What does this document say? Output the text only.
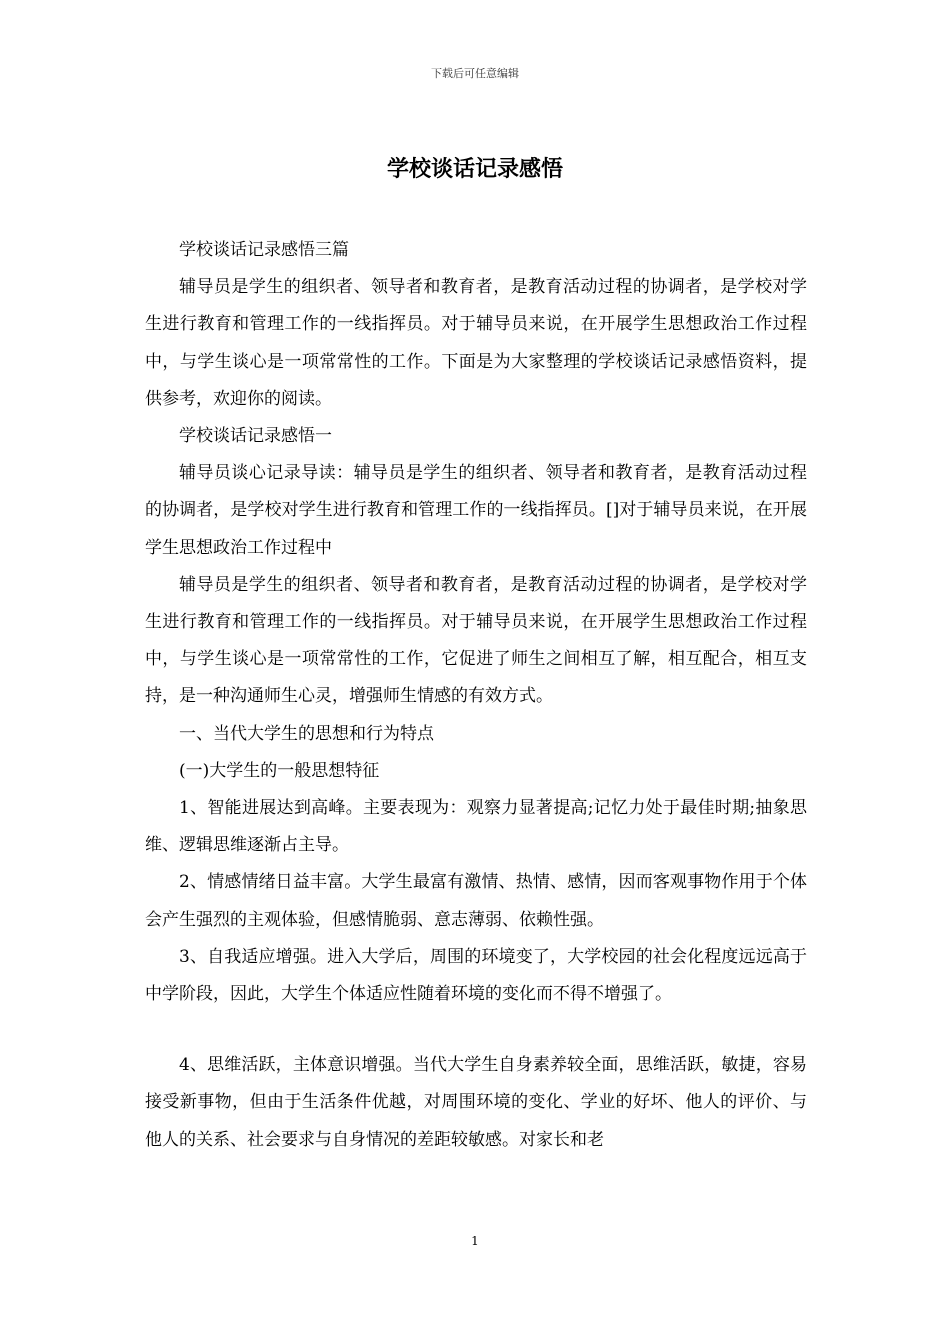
下载后可任意编辑
学校谈话记录感悟

学校谈话记录感悟三篇

辅导员是学生的组织者、领导者和教育者，是教育活动过程的协调者，是学校对学生进行教育和管理工作的一线指挥员。对于辅导员来说，在开展学生思想政治工作过程中，与学生谈心是一项常常性的工作。下面是为大家整理的学校谈话记录感悟资料，提供参考，欢迎你的阅读。

学校谈话记录感悟一

辅导员谈心记录导读：辅导员是学生的组织者、领导者和教育者，是教育活动过程的协调者，是学校对学生进行教育和管理工作的一线指挥员。[]对于辅导员来说，在开展学生思想政治工作过程中

辅导员是学生的组织者、领导者和教育者，是教育活动过程的协调者，是学校对学生进行教育和管理工作的一线指挥员。对于辅导员来说，在开展学生思想政治工作过程中，与学生谈心是一项常常性的工作，它促进了师生之间相互了解，相互配合，相互支持，是一种沟通师生心灵，增强师生情感的有效方式。

一、当代大学生的思想和行为特点

(一)大学生的一般思想特征

1、智能进展达到高峰。主要表现为：观察力显著提高;记忆力处于最佳时期;抽象思维、逻辑思维逐渐占主导。

2、情感情绪日益丰富。大学生最富有激情、热情、感情，因而客观事物作用于个体会产生强烈的主观体验，但感情脆弱、意志薄弱、依赖性强。

3、自我适应增强。进入大学后，周围的环境变了，大学校园的社会化程度远远高于中学阶段，因此，大学生个体适应性随着环境的变化而不得不增强了。

4、思维活跃，主体意识增强。当代大学生自身素养较全面，思维活跃，敏捷，容易接受新事物，但由于生活条件优越，对周围环境的变化、学业的好坏、他人的评价、与他人的关系、社会要求与自身情况的差距较敏感。对家长和老

1
